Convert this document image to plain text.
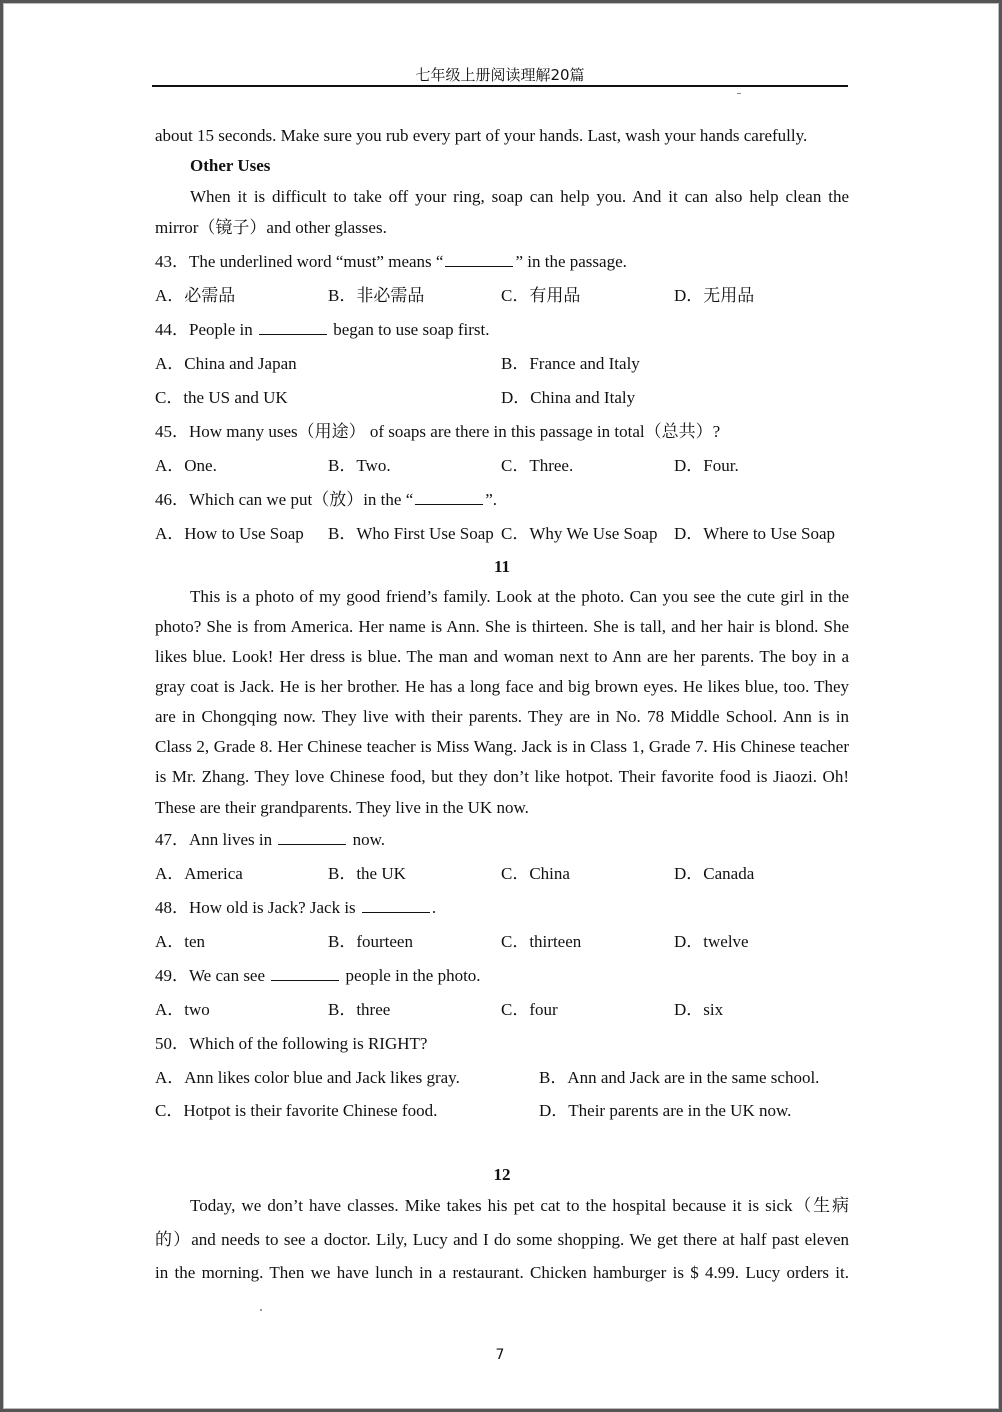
七年级上册阅读理解20篇
about 15 seconds. Make sure you rub every part of your hands. Last, wash your hands carefully.
Other Uses
When it is difficult to take off your ring, soap can help you. And it can also help clean the
mirror（镜子）and other glasses.
43．The underlined word “must” means “	” in the passage.
A．必需品	B．非必需品	C．有用品	D．无用品
44．People in	began to use soap first.
A．China and Japan	B．France and Italy
C．the US and UK	D．China and Italy
45．How many uses（用途） of soaps are there in this passage in total（总共）?
A．One.	B．Two.	C．Three.	D．Four.
46．Which can we put（放）in the “	”.
A．How to Use Soap B．Who First Use Soap C．Why We Use Soap D．Where to Use Soap
11
This is a photo of my good friend’s family. Look at the photo. Can you see the cute girl in the
photo? She is from America. Her name is Ann. She is thirteen. She is tall, and her hair is blond. She
likes blue. Look! Her dress is blue. The man and woman next to Ann are her parents. The boy in a
gray coat is Jack. He is her brother. He has a long face and big brown eyes. He likes blue, too. They
are in Chongqing now. They live with their parents. They are in No. 78 Middle School. Ann is in
Class 2, Grade 8. Her Chinese teacher is Miss Wang. Jack is in Class 1, Grade 7. His Chinese teacher
is Mr. Zhang. They love Chinese food, but they don’t like hotpot. Their favorite food is Jiaozi. Oh!
These are their grandparents. They live in the UK now.
47．Ann lives in	now.
A．America	B．the UK	C．China	D．Canada
48．How old is Jack? Jack is	.
A．ten	B．fourteen	C．thirteen	D．twelve
49．We can see	people in the photo.
A．two	B．three	C．four	D．six
50．Which of the following is RIGHT?
A．Ann likes color blue and Jack likes gray.	B．Ann and Jack are in the same school.
C．Hotpot is their favorite Chinese food.	D．Their parents are in the UK now.
12
Today, we don’t have classes. Mike takes his pet cat to the hospital because it is sick（生病
的）and needs to see a doctor. Lily, Lucy and I do some shopping. We get there at half past eleven
in the morning. Then we have lunch in a restaurant. Chicken hamburger is $ 4.99. Lucy orders it.
7
